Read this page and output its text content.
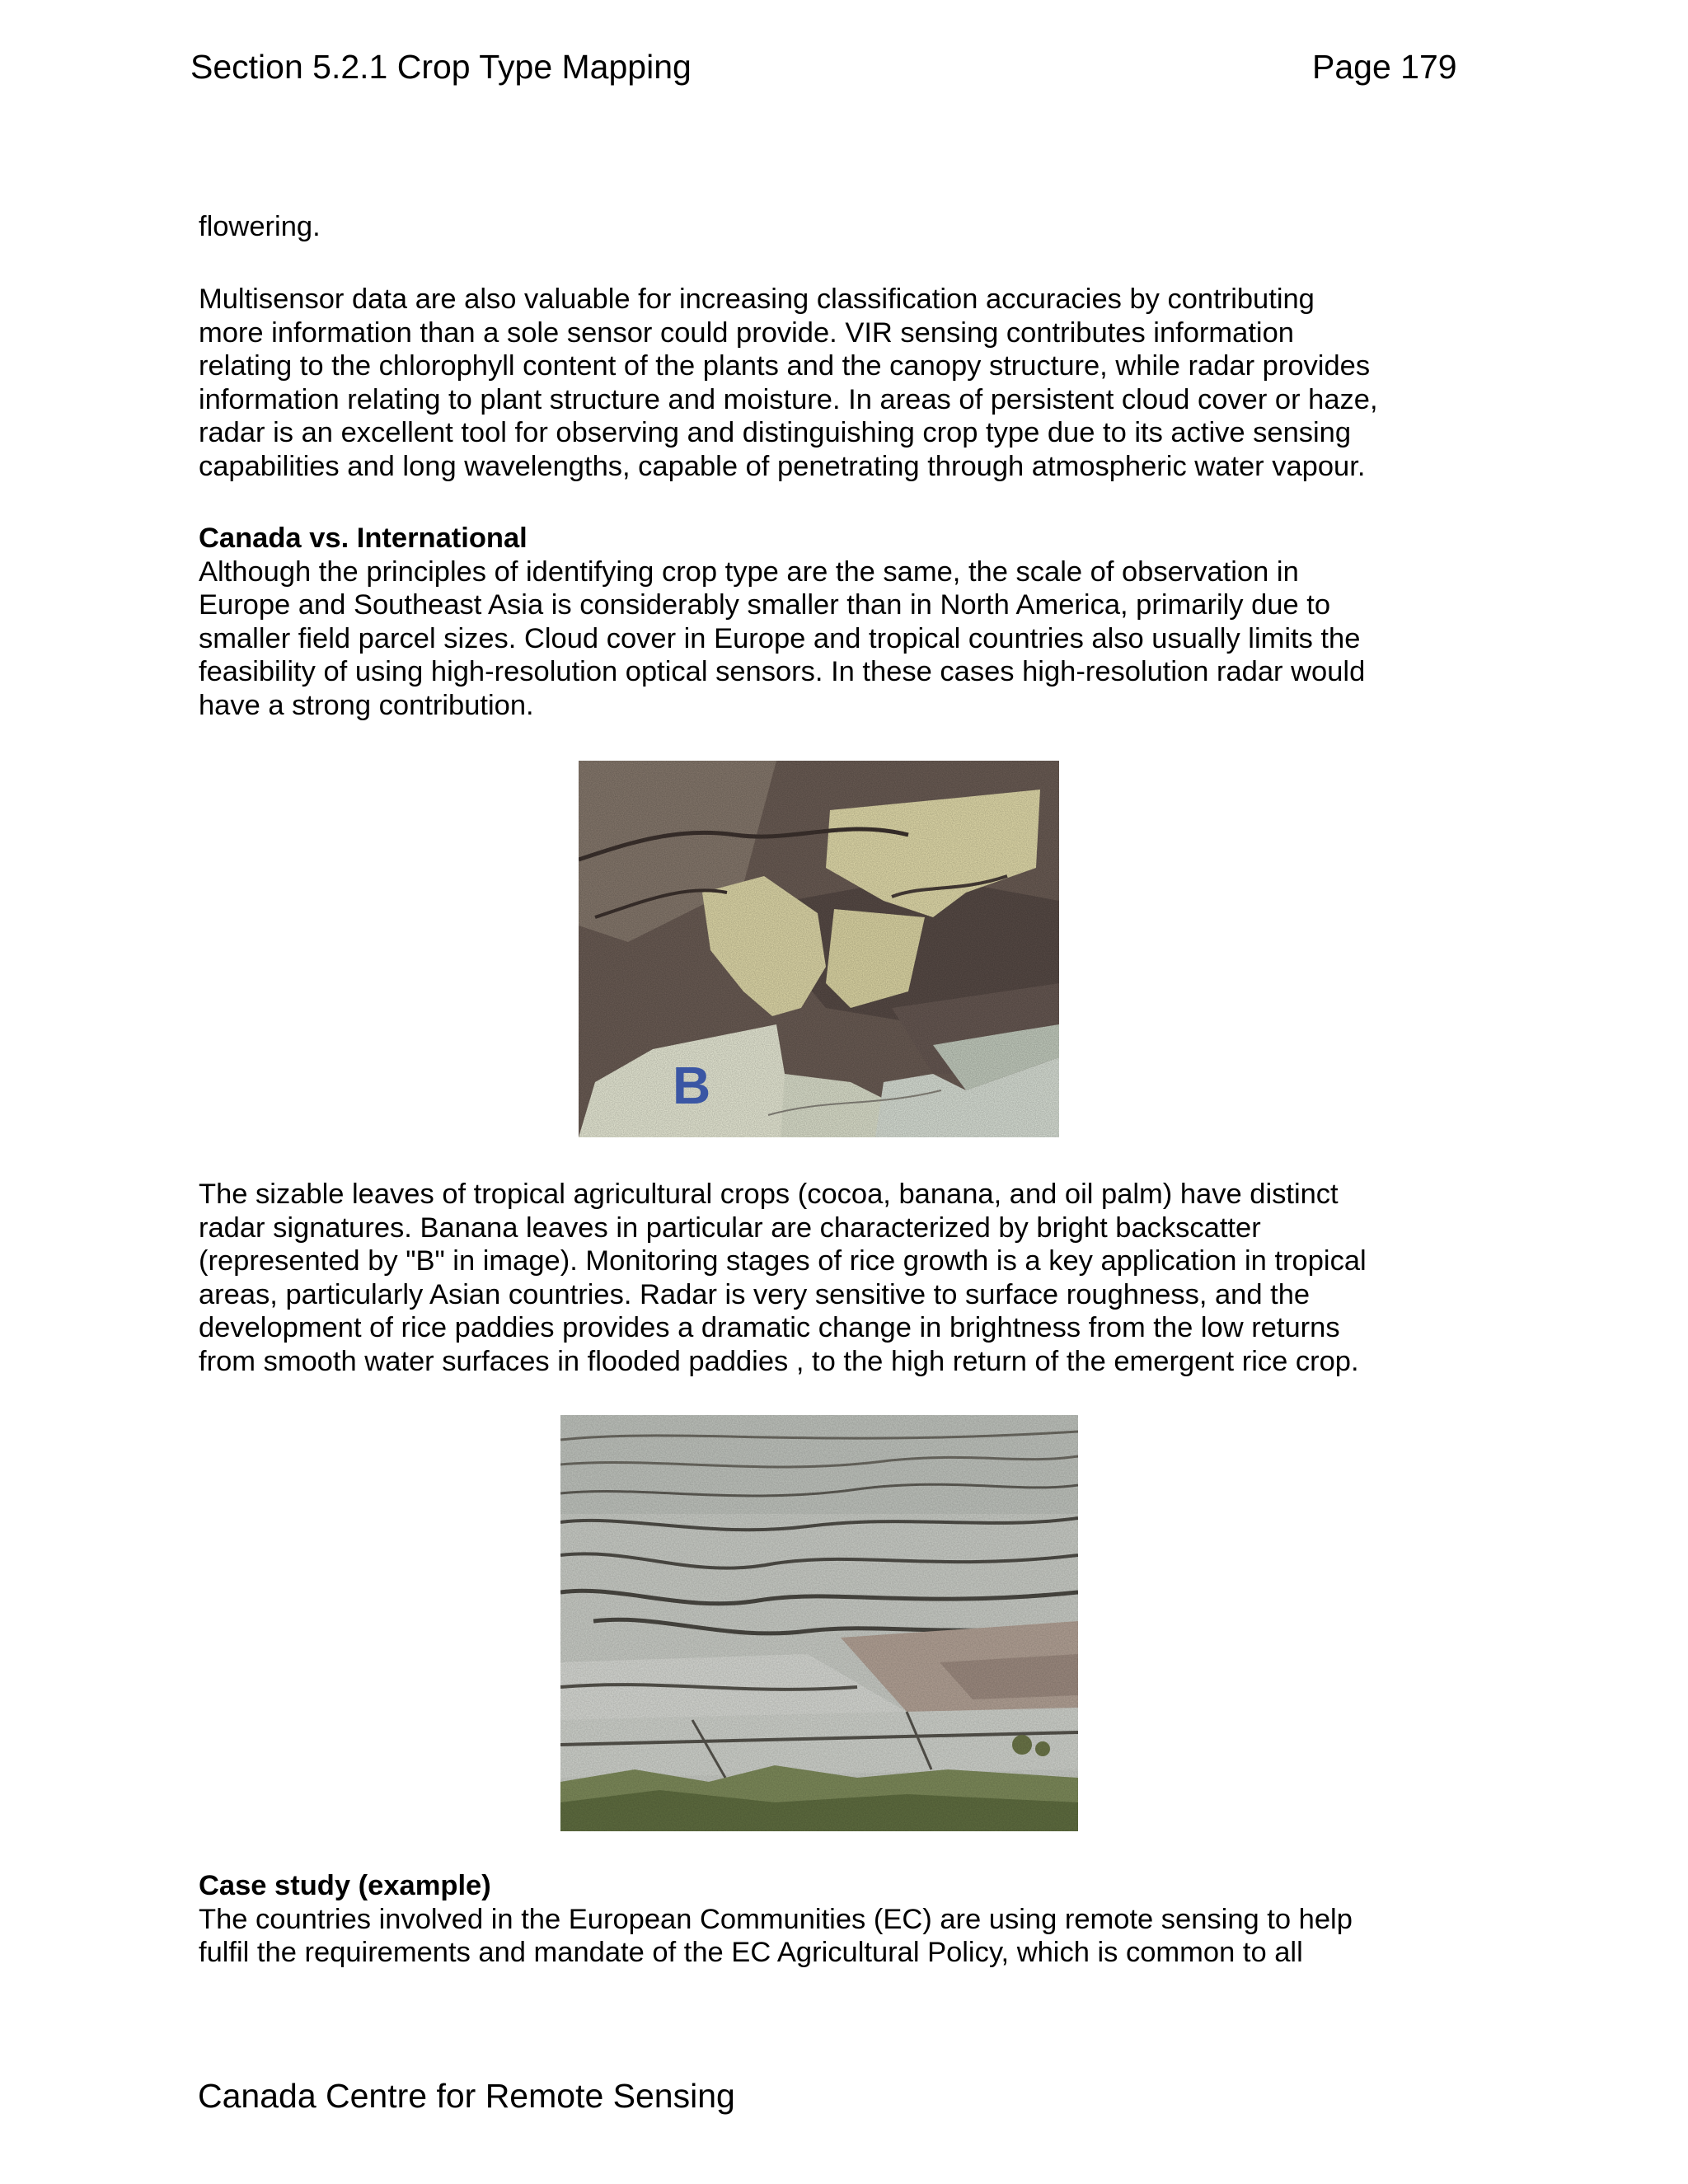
Section 5.2.1 Crop Type Mapping	Page 179
flowering.
Multisensor data are also valuable for increasing classification accuracies by contributing
more information than a sole sensor could provide. VIR sensing contributes information
relating to the chlorophyll content of the plants and the canopy structure, while radar provides
information relating to plant structure and moisture. In areas of persistent cloud cover or haze,
radar is an excellent tool for observing and distinguishing crop type due to its active sensing
capabilities and long wavelengths, capable of penetrating through atmospheric water vapour.
Canada vs. International
Although the principles of identifying crop type are the same, the scale of observation in
Europe and Southeast Asia is considerably smaller than in North America, primarily due to
smaller field parcel sizes. Cloud cover in Europe and tropical countries also usually limits the
feasibility of using high-resolution optical sensors. In these cases high-resolution radar would
have a strong contribution.
B
The sizable leaves of tropical agricultural crops (cocoa, banana, and oil palm) have distinct
radar signatures. Banana leaves in particular are characterized by bright backscatter
(represented by "B" in image). Monitoring stages of rice growth is a key application in tropical
areas, particularly Asian countries. Radar is very sensitive to surface roughness, and the
development of rice paddies provides a dramatic change in brightness from the low returns
from smooth water surfaces in flooded paddies , to the high return of the emergent rice crop.
Case study (example)
The countries involved in the European Communities (EC) are using remote sensing to help
fulfil the requirements and mandate of the EC Agricultural Policy, which is common to all
Canada Centre for Remote Sensing
